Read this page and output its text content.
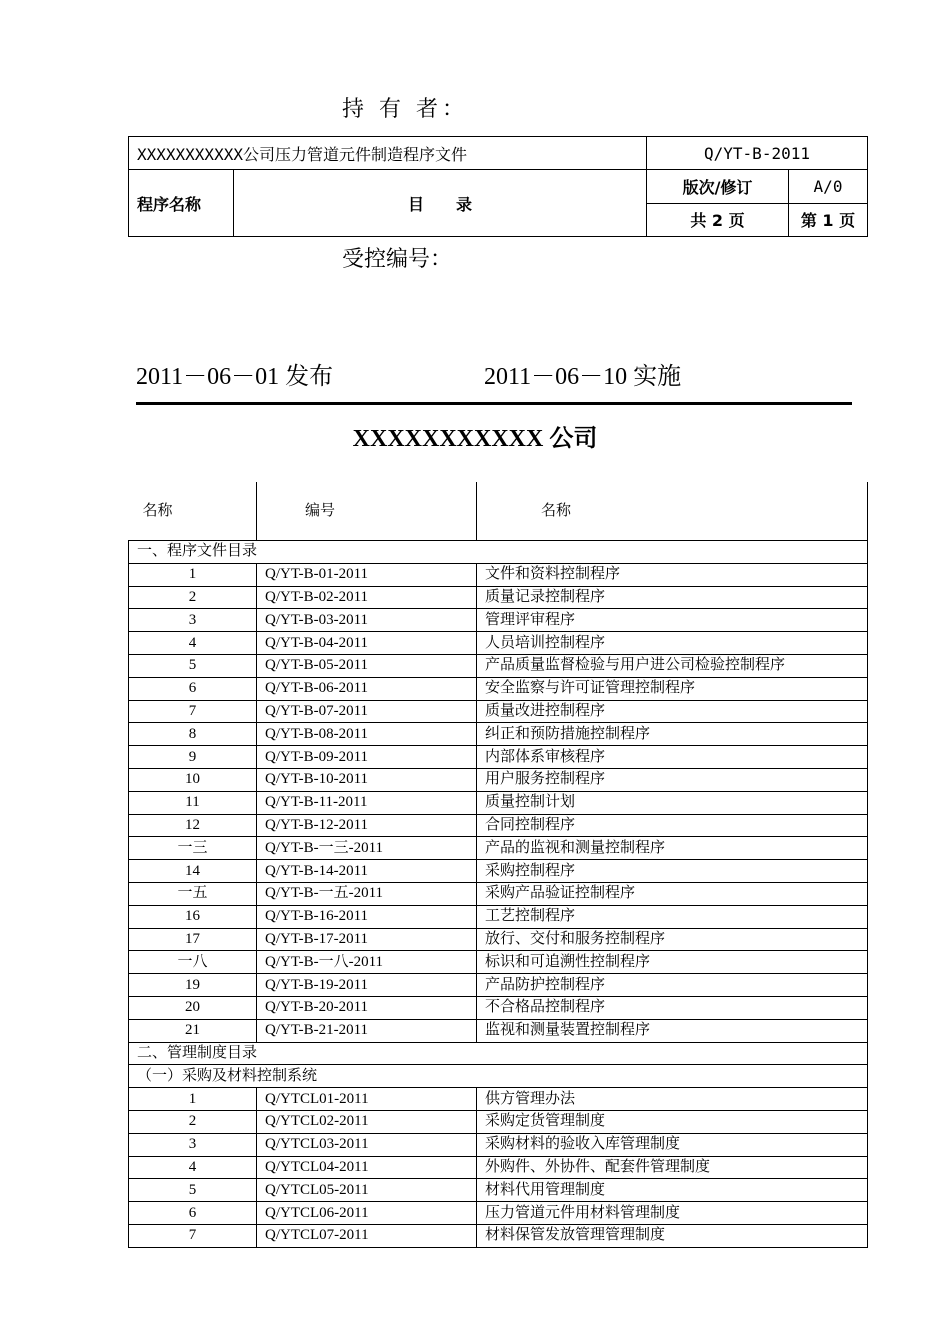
持 有 者：
XXXXXXXXXXX公司压力管道元件制造程序文件		Q/YT-B-2011	
程序名称	目　　录	版次/修订	A/0
		共 2 页	第 1 页
受控编号：
2011－06－01 发布	2011－06－10 实施
XXXXXXXXXXX 公司
名称	编号	名称
一、程序文件目录		
1	Q/YT-B-01-2011	文件和资料控制程序
2	Q/YT-B-02-2011	质量记录控制程序
3	Q/YT-B-03-2011	管理评审程序
4	Q/YT-B-04-2011	人员培训控制程序
5	Q/YT-B-05-2011	产品质量监督检验与用户进公司检验控制程序
6	Q/YT-B-06-2011	安全监察与许可证管理控制程序
7	Q/YT-B-07-2011	质量改进控制程序
8	Q/YT-B-08-2011	纠正和预防措施控制程序
9	Q/YT-B-09-2011	内部体系审核程序
10	Q/YT-B-10-2011	用户服务控制程序
11	Q/YT-B-11-2011	质量控制计划
12	Q/YT-B-12-2011	合同控制程序
一三	Q/YT-B-一三-2011	产品的监视和测量控制程序
14	Q/YT-B-14-2011	采购控制程序
一五	Q/YT-B-一五-2011	采购产品验证控制程序
16	Q/YT-B-16-2011	工艺控制程序
17	Q/YT-B-17-2011	放行、交付和服务控制程序
一八	Q/YT-B-一八-2011	标识和可追溯性控制程序
19	Q/YT-B-19-2011	产品防护控制程序
20	Q/YT-B-20-2011	不合格品控制程序
21	Q/YT-B-21-2011	监视和测量装置控制程序
二、管理制度目录		
（一）采购及材料控制系统		
1	Q/YTCL01-2011	供方管理办法
2	Q/YTCL02-2011	采购定货管理制度
3	Q/YTCL03-2011	采购材料的验收入库管理制度
4	Q/YTCL04-2011	外购件、外协件、配套件管理制度
5	Q/YTCL05-2011	材料代用管理制度
6	Q/YTCL06-2011	压力管道元件用材料管理制度
7	Q/YTCL07-2011	材料保管发放管理管理制度
